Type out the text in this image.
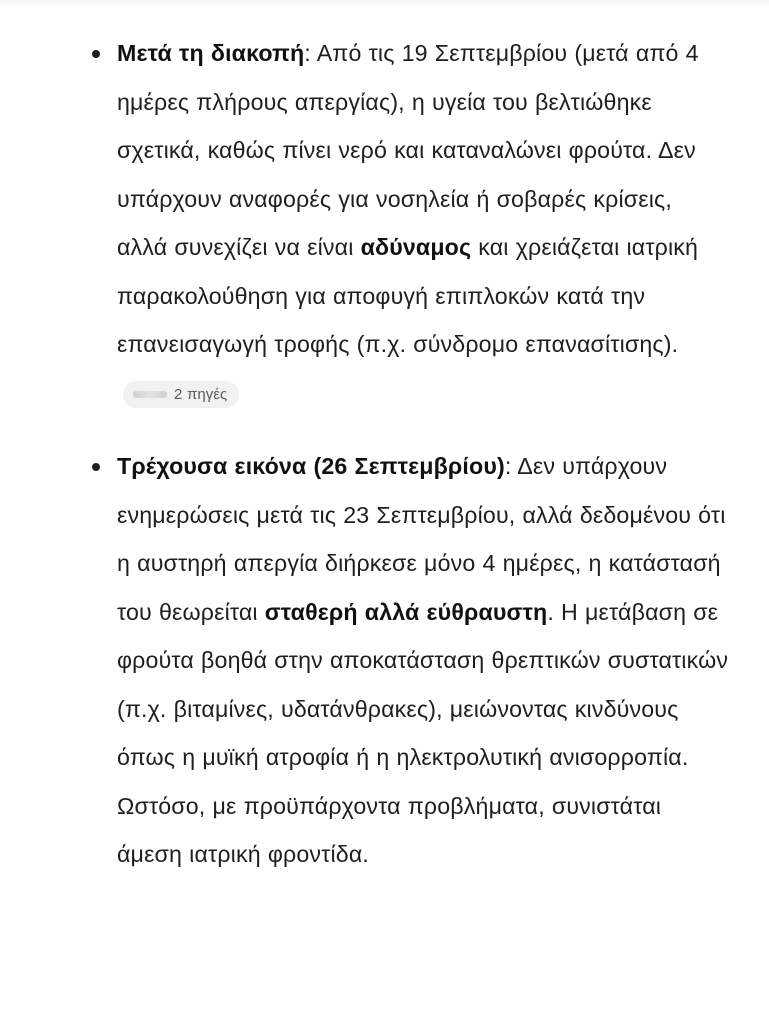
Μετά τη διακοπή: Από τις 19 Σεπτεμβρίου (μετά από 4 ημέρες πλήρους απεργίας), η υγεία του βελτιώθηκε σχετικά, καθώς πίνει νερό και καταναλώνει φρούτα. Δεν υπάρχουν αναφορές για νοσηλεία ή σοβαρές κρίσεις, αλλά συνεχίζει να είναι αδύναμος και χρειάζεται ιατρική παρακολούθηση για αποφυγή επιπλοκών κατά την επανεισαγωγή τροφής (π.χ. σύνδρομο επανασίτισης).
2 πηγές
Τρέχουσα εικόνα (26 Σεπτεμβρίου): Δεν υπάρχουν ενημερώσεις μετά τις 23 Σεπτεμβρίου, αλλά δεδομένου ότι η αυστηρή απεργία διήρκεσε μόνο 4 ημέρες, η κατάστασή του θεωρείται σταθερή αλλά εύθραυστη. Η μετάβαση σε φρούτα βοηθά στην αποκατάσταση θρεπτικών συστατικών (π.χ. βιταμίνες, υδατάνθρακες), μειώνοντας κινδύνους όπως η μυϊκή ατροφία ή η ηλεκτρολυτική ανισορροπία. Ωστόσο, με προϋπάρχοντα προβλήματα, συνιστάται άμεση ιατρική φροντίδα.
